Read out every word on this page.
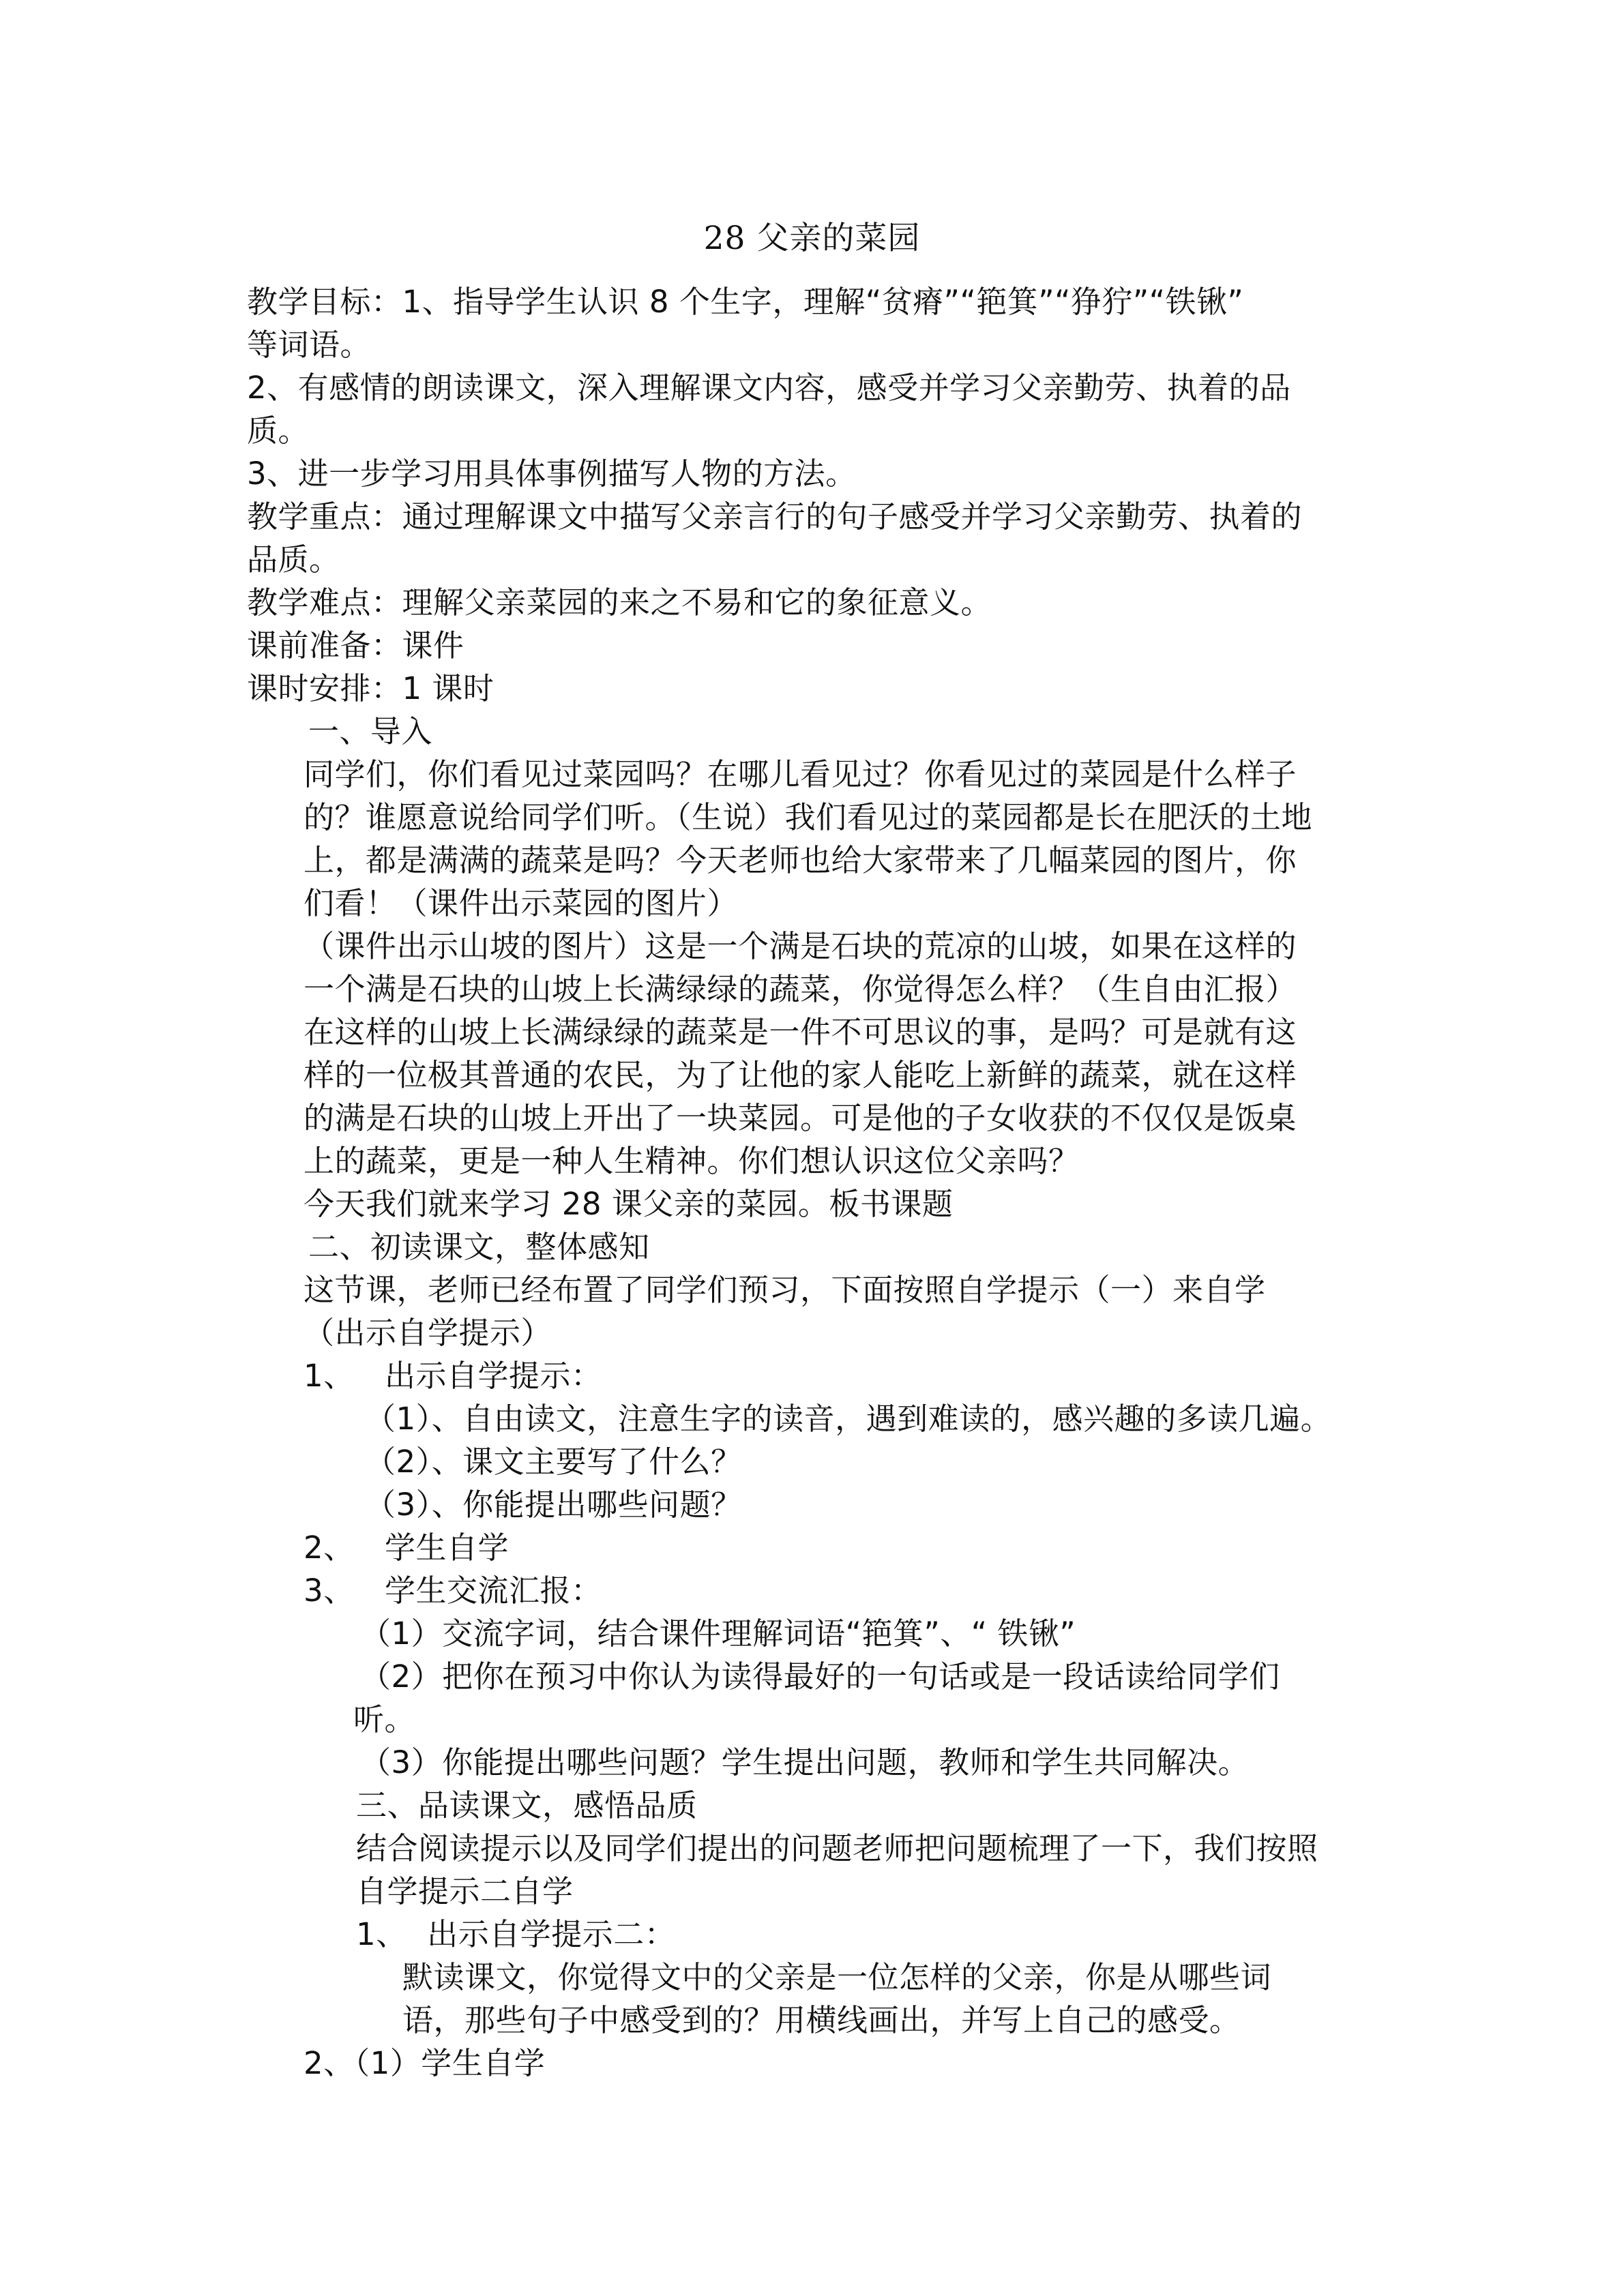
28 父亲的菜园
教学目标：1、指导学生认识 8 个生字，理解“贫瘠”“筢箕”“狰狞”“铁锹”
等词语。
2、有感情的朗读课文，深入理解课文内容，感受并学习父亲勤劳、执着的品
质。
3、进一步学习用具体事例描写人物的方法。
教学重点：通过理解课文中描写父亲言行的句子感受并学习父亲勤劳、执着的
品质。
教学难点：理解父亲菜园的来之不易和它的象征意义。
课前准备：课件
课时安排：1 课时
一、导入
同学们，你们看见过菜园吗？在哪儿看见过？你看见过的菜园是什么样子
的？谁愿意说给同学们听。（生说）我们看见过的菜园都是长在肥沃的土地
上，都是满满的蔬菜是吗？今天老师也给大家带来了几幅菜园的图片，你
们看！（课件出示菜园的图片）
（课件出示山坡的图片）这是一个满是石块的荒凉的山坡，如果在这样的
一个满是石块的山坡上长满绿绿的蔬菜，你觉得怎么样？（生自由汇报）
在这样的山坡上长满绿绿的蔬菜是一件不可思议的事，是吗？可是就有这
样的一位极其普通的农民，为了让他的家人能吃上新鲜的蔬菜，就在这样
的满是石块的山坡上开出了一块菜园。可是他的子女收获的不仅仅是饭桌
上的蔬菜，更是一种人生精神。你们想认识这位父亲吗？
今天我们就来学习 28 课父亲的菜园。板书课题
二、初读课文，整体感知
这节课，老师已经布置了同学们预习，下面按照自学提示（一）来自学
（出示自学提示）
1、   出示自学提示：
（1）、自由读文，注意生字的读音，遇到难读的，感兴趣的多读几遍。
（2）、课文主要写了什么？
（3）、你能提出哪些问题？
2、   学生自学
3、   学生交流汇报：
（1）交流字词，结合课件理解词语“筢箕”、“ 铁锹”
（2）把你在预习中你认为读得最好的一句话或是一段话读给同学们
听。
（3）你能提出哪些问题？学生提出问题，教师和学生共同解决。
三、品读课文，感悟品质
结合阅读提示以及同学们提出的问题老师把问题梳理了一下，我们按照
自学提示二自学
1、  出示自学提示二：
默读课文，你觉得文中的父亲是一位怎样的父亲，你是从哪些词
语，那些句子中感受到的？用横线画出，并写上自己的感受。
2、（1）学生自学
